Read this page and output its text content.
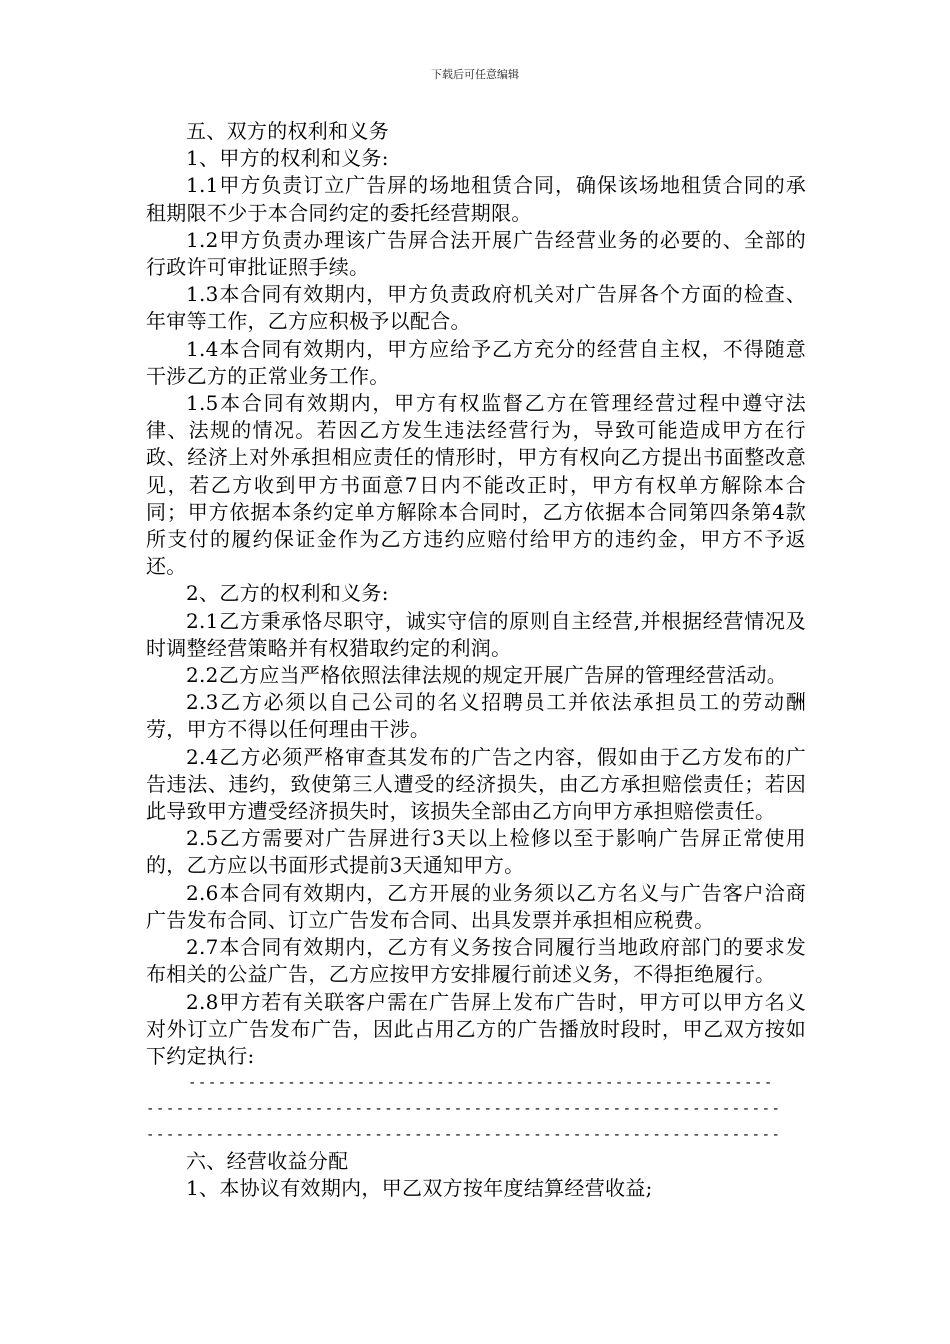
下载后可任意编辑

五、双方的权利和义务

1、甲方的权利和义务:

1.1甲方负责订立广告屏的场地租赁合同，确保该场地租赁合同的承租期限不少于本合同约定的委托经营期限。

1.2甲方负责办理该广告屏合法开展广告经营业务的必要的、全部的行政许可审批证照手续。

1.3本合同有效期内，甲方负责政府机关对广告屏各个方面的检查、年审等工作，乙方应积极予以配合。

1.4本合同有效期内，甲方应给予乙方充分的经营自主权，不得随意干涉乙方的正常业务工作。

1.5本合同有效期内，甲方有权监督乙方在管理经营过程中遵守法律、法规的情况。若因乙方发生违法经营行为，导致可能造成甲方在行政、经济上对外承担相应责任的情形时，甲方有权向乙方提出书面整改意见，若乙方收到甲方书面意7日内不能改正时，甲方有权单方解除本合同；甲方依据本条约定单方解除本合同时，乙方依据本合同第四条第4款所支付的履约保证金作为乙方违约应赔付给甲方的违约金，甲方不予返还。

2、乙方的权利和义务:

2.1乙方秉承恪尽职守，诚实守信的原则自主经营,并根据经营情况及时调整经营策略并有权猎取约定的利润。

2.2乙方应当严格依照法律法规的规定开展广告屏的管理经营活动。

2.3乙方必须以自己公司的名义招聘员工并依法承担员工的劳动酬劳，甲方不得以任何理由干涉。

2.4乙方必须严格审查其发布的广告之内容，假如由于乙方发布的广告违法、违约，致使第三人遭受的经济损失，由乙方承担赔偿责任；若因此导致甲方遭受经济损失时，该损失全部由乙方向甲方承担赔偿责任。

2.5乙方需要对广告屏进行3天以上检修以至于影响广告屏正常使用的，乙方应以书面形式提前3天通知甲方。

2.6本合同有效期内，乙方开展的业务须以乙方名义与广告客户洽商广告发布合同、订立广告发布合同、出具发票并承担相应税费。

2.7本合同有效期内，乙方有义务按合同履行当地政府部门的要求发布相关的公益广告，乙方应按甲方安排履行前述义务，不得拒绝履行。

2.8甲方若有关联客户需在广告屏上发布广告时，甲方可以甲方名义对外订立广告发布广告，因此占用乙方的广告播放时段时，甲乙双方按如下约定执行:

-----------------------------------------------------------

----------------------------------------------------------------

----------------------------------------------------------------

六、经营收益分配

1、本协议有效期内，甲乙双方按年度结算经营收益;
